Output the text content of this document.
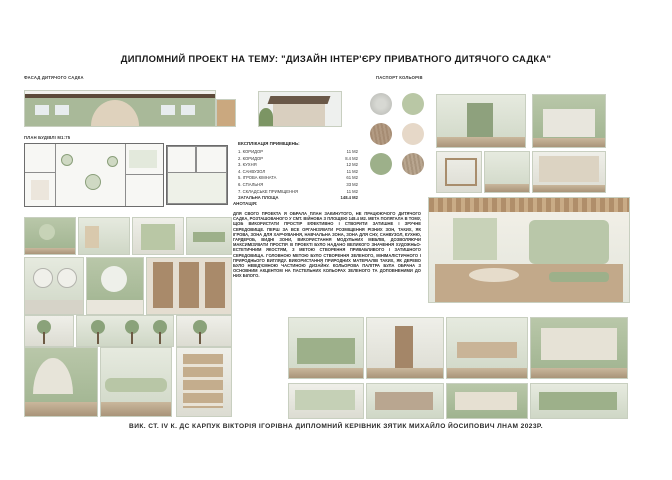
ДИПЛОМНИЙ ПРОЕКТ НА ТЕМУ: "ДИЗАЙН ІНТЕР'ЄРУ ПРИВАТНОГО ДИТЯЧОГО САДКА"
ФАСАД ДИТЯЧОГО САДКА
ПЛАН БУДІВЛІ М1:75
ЕКСПЛІКАЦІЯ ПРИМІЩЕНЬ:
1. КОРИДОР	11 М2
2. КОРИДОР	8.4 М2
3. КУХНЯ	12 М2
4. САНВУЗОЛ	11 М2
5. ІГРОВА КІМНАТА	61 М2
6. СПАЛЬНЯ	33 М2
7. СКЛАДСЬКЕ ПРИМІЩЕННЯ	11 М2
ЗАГАЛЬНА ПЛОЩА	148.4 М2
ПАСПОРТ КОЛЬОРІВ
АНОТАЦІЯ:
ДЛЯ СВОГО ПРОЕКТА Я ОБРАЛА ПЛАН ЗАКИНУТОГО, НЕ ПРАЦЮЮЧОГО ДИТЯЧОГО САДКА, РОЗТАШОВАНОГО У СМТ. ВІЙНОВА З ПЛОЩЕЮ 148.4 М2. МЕТА ПОЛЯГАЛА В ТОМУ, ЩОБ ВИКОРИСТАТИ ПРОСТІР ЕФЕКТИВНО І СТВОРИТИ ЗАТИШНЕ І ЗРУЧНЕ СЕРЕДОВИЩЕ. ПЕРШ ЗА ВСЕ ОРГАНІЗУВАТИ РОЗМІЩЕННЯ РІЗНИХ ЗОН, ТАКИХ, ЯК ІГРОВА, ЗОНА ДЛЯ ХАРЧУВАННЯ, НАВЧАЛЬНА ЗОНА, ЗОНА ДЛЯ СНУ, САНВУЗОЛ, КУХНЮ, ГАРДЕРОБ, ВИДНІ ЗОНИ, ВИКОРИСТАННЯ МОДУЛЬНИХ МЕБЛІВ, ДОЗВОЛЯЮЧИ МАКСИМІЗУВАТИ ПРОСТІР. В ПРОЕКТІ БУЛО НАДАНО ВЕЛИКОГО ЗНАЧЕННЯ ХУДОЖНЬО-ЕСТЕТИЧНИМ ЯКОСТЯМ, З МЕТОЮ СТВОРЕННЯ ПРИВАБЛИВОГО І ЗАТИШНОГО СЕРЕДОВИЩА. ГОЛОВНОЮ МЕТОЮ БУЛО СТВОРЕННЯ ЗЕЛЕНОГО, МІНІМАЛІСТИЧНОГО І ПРИРОДНЬОГО ВИГЛЯДУ. ВИКОРИСТАННЯ ПРИРОДНИХ МАТЕРІАЛІВ ТАКИХ, ЯК ДЕРЕВО БУЛО НЕВІД'ЄМНОЮ ЧАСТИНОЮ ДИЗАЙНУ. КОЛЬОРОВА ПАЛІТРА БУЛА ОБРАНА З ОСНОВНИМ АКЦЕНТОМ НА ПАСТЕЛЬНИХ КОЛЬОРАХ ЗЕЛЕНОГО ТА ДОПОВНЕНИМИ ДО НИХ БІЛОГО.
ВИК. СТ. IV К. ДС КАРПУК ВІКТОРІЯ ІГОРІВНА ДИПЛОМНИЙ КЕРІВНИК ЗЯТИК МИХАЙЛО ЙОСИПОВИЧ ЛНАМ 2023Р.
